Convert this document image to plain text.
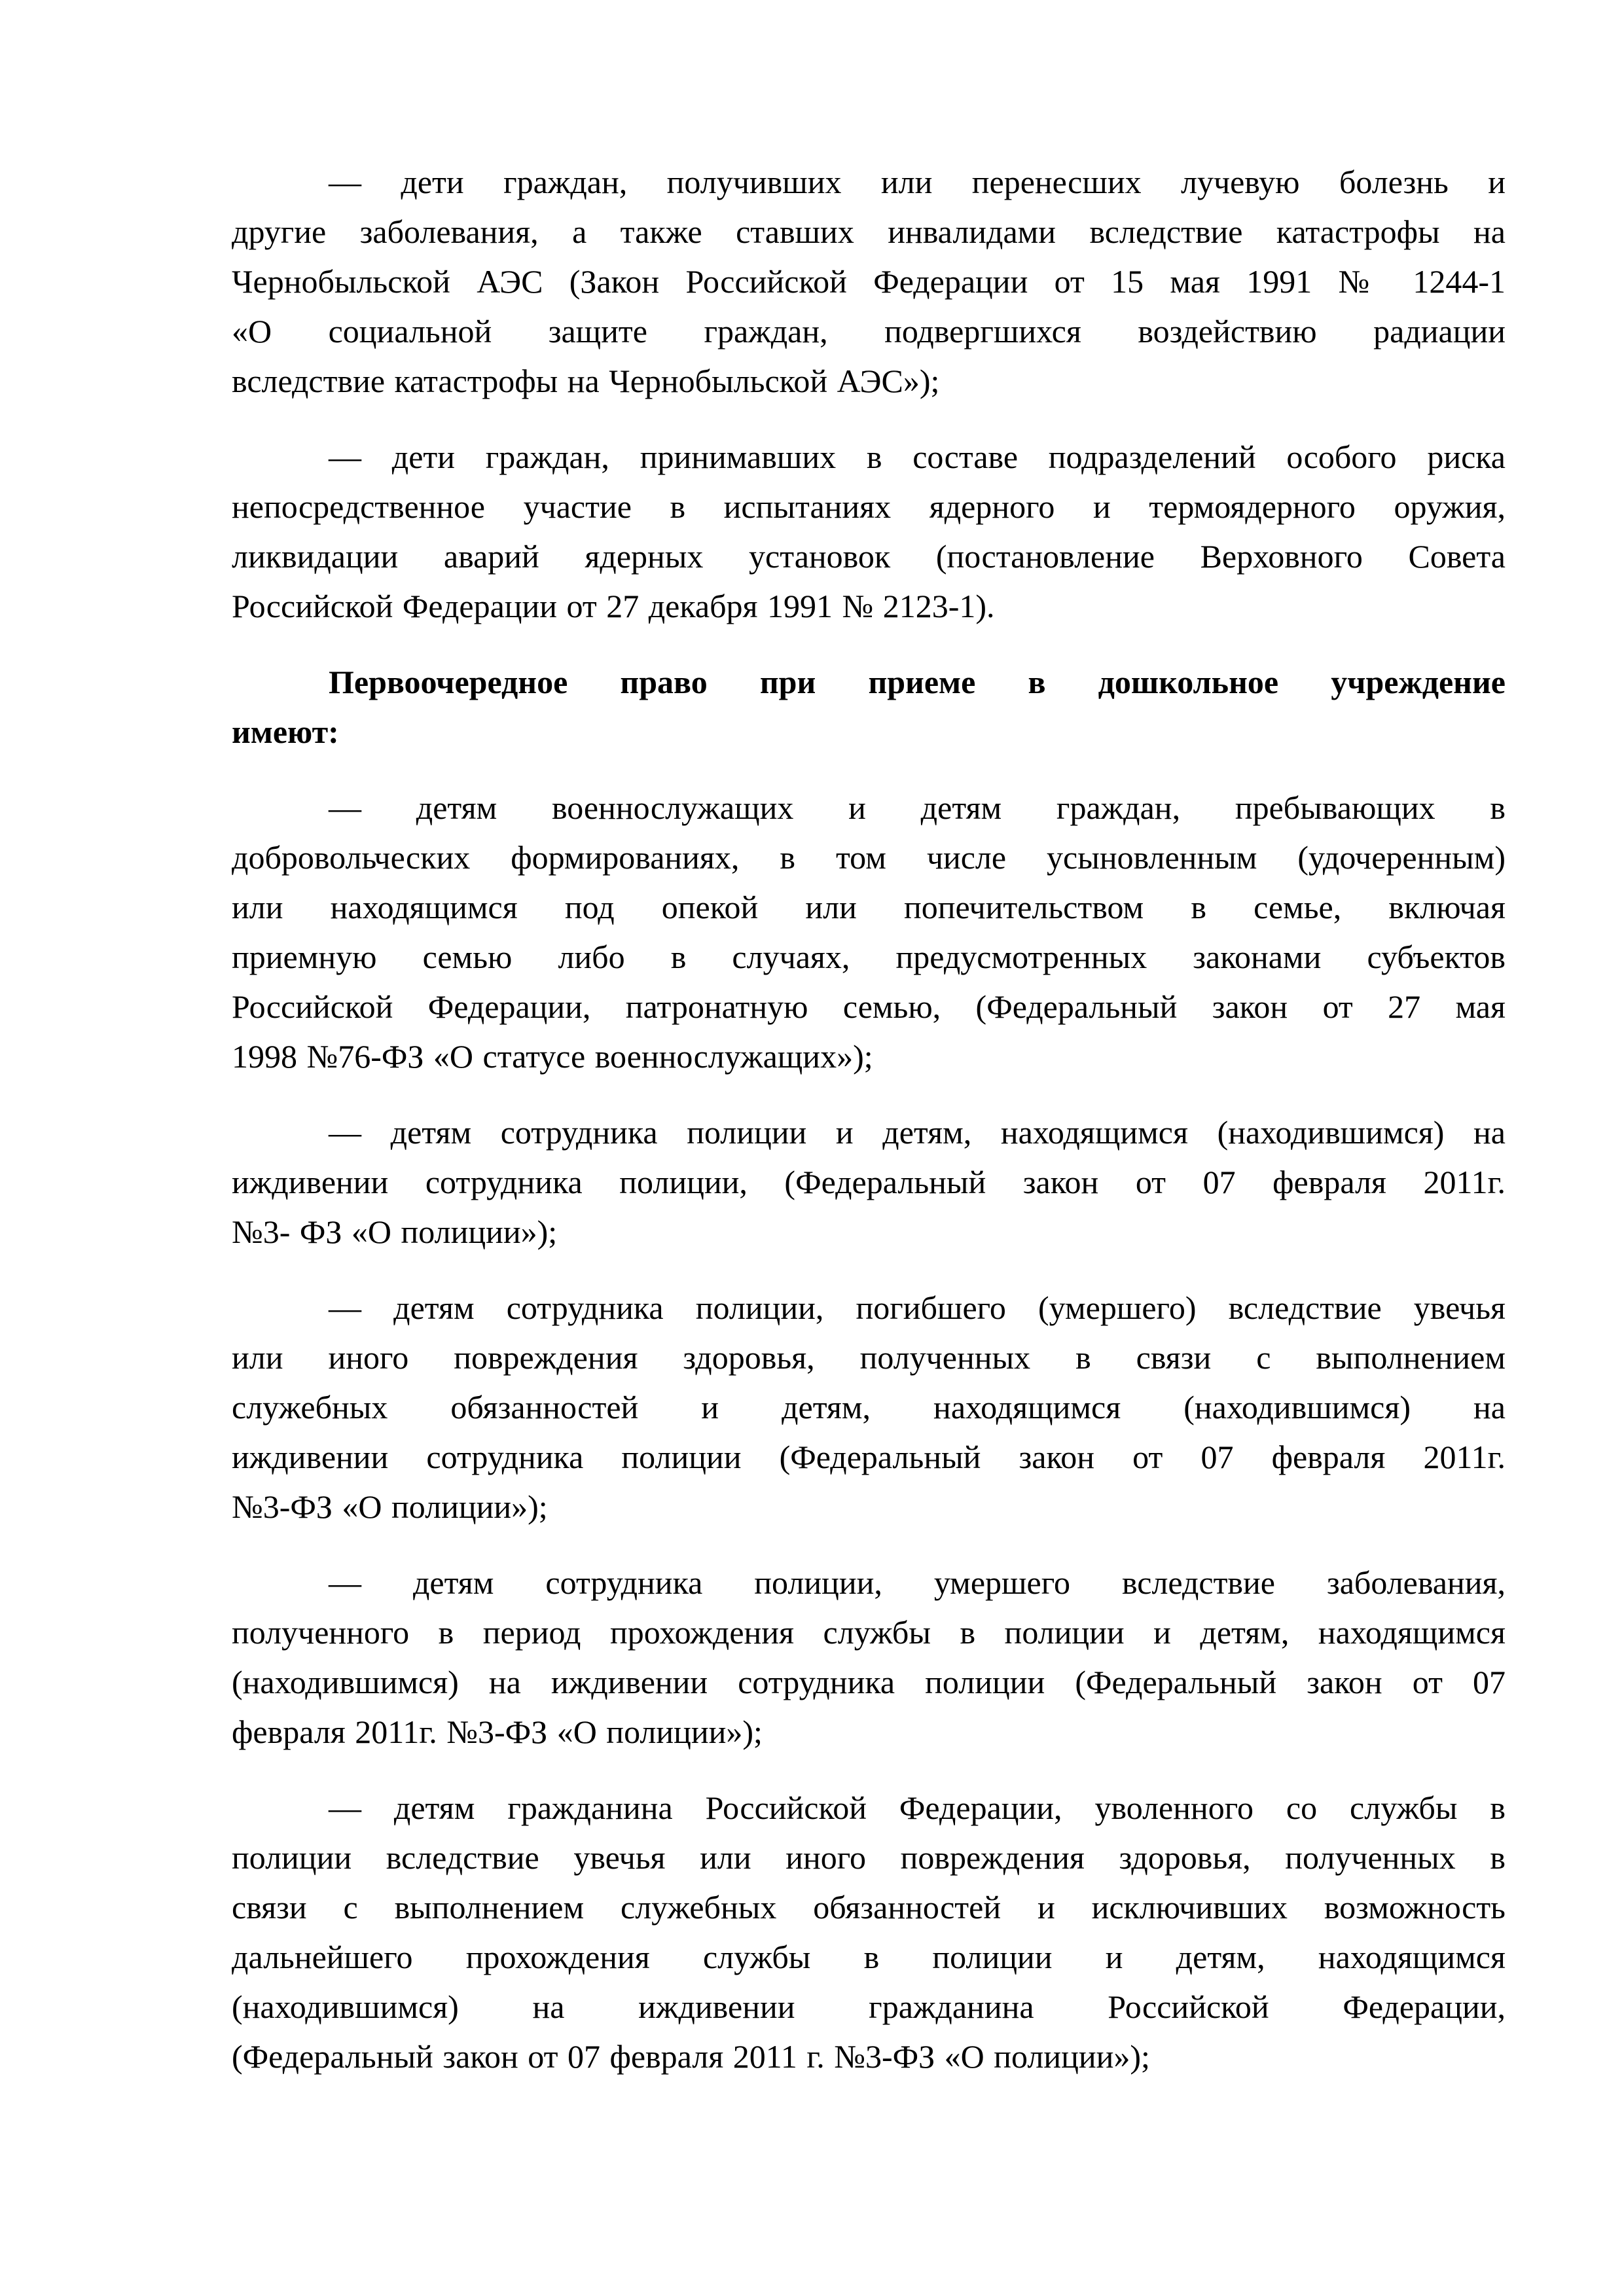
— дети граждан, получивших или перенесших лучевую болезнь и
другие заболевания, а также ставших инвалидами вследствие катастрофы на
Чернобыльской АЭС (Закон Российской Федерации от 15 мая 1991 № 1244-1
«О социальной защите граждан, подвергшихся воздействию радиации
вследствие катастрофы на Чернобыльской АЭС»);

— дети граждан, принимавших в составе подразделений особого риска
непосредственное участие в испытаниях ядерного и термоядерного оружия,
ликвидации аварий ядерных установок (постановление Верховного Совета
Российской Федерации от 27 декабря 1991 № 2123-1).

Первоочередное право при приеме в дошкольное учреждение
имеют:

— детям военнослужащих и детям граждан, пребывающих в
добровольческих формированиях, в том числе усыновленным (удочеренным)
или находящимся под опекой или попечительством в семье, включая
приемную семью либо в случаях, предусмотренных законами субъектов
Российской Федерации, патронатную семью, (Федеральный закон от 27 мая
1998 №76-ФЗ «О статусе военнослужащих»);

— детям сотрудника полиции и детям, находящимся (находившимся) на
иждивении сотрудника полиции, (Федеральный закон от 07 февраля 2011г.
№3- ФЗ «О полиции»);

— детям сотрудника полиции, погибшего (умершего) вследствие увечья
или иного повреждения здоровья, полученных в связи с выполнением
служебных обязанностей и детям, находящимся (находившимся) на
иждивении сотрудника полиции (Федеральный закон от 07 февраля 2011г.
№3-ФЗ «О полиции»);

— детям сотрудника полиции, умершего вследствие заболевания,
полученного в период прохождения службы в полиции и детям, находящимся
(находившимся) на иждивении сотрудника полиции (Федеральный закон от 07
февраля 2011г. №3-ФЗ «О полиции»);

— детям гражданина Российской Федерации, уволенного со службы в
полиции вследствие увечья или иного повреждения здоровья, полученных в
связи с выполнением служебных обязанностей и исключивших возможность
дальнейшего прохождения службы в полиции и детям, находящимся
(находившимся) на иждивении гражданина Российской Федерации,
(Федеральный закон от 07 февраля 2011 г. №3-ФЗ «О полиции»);
